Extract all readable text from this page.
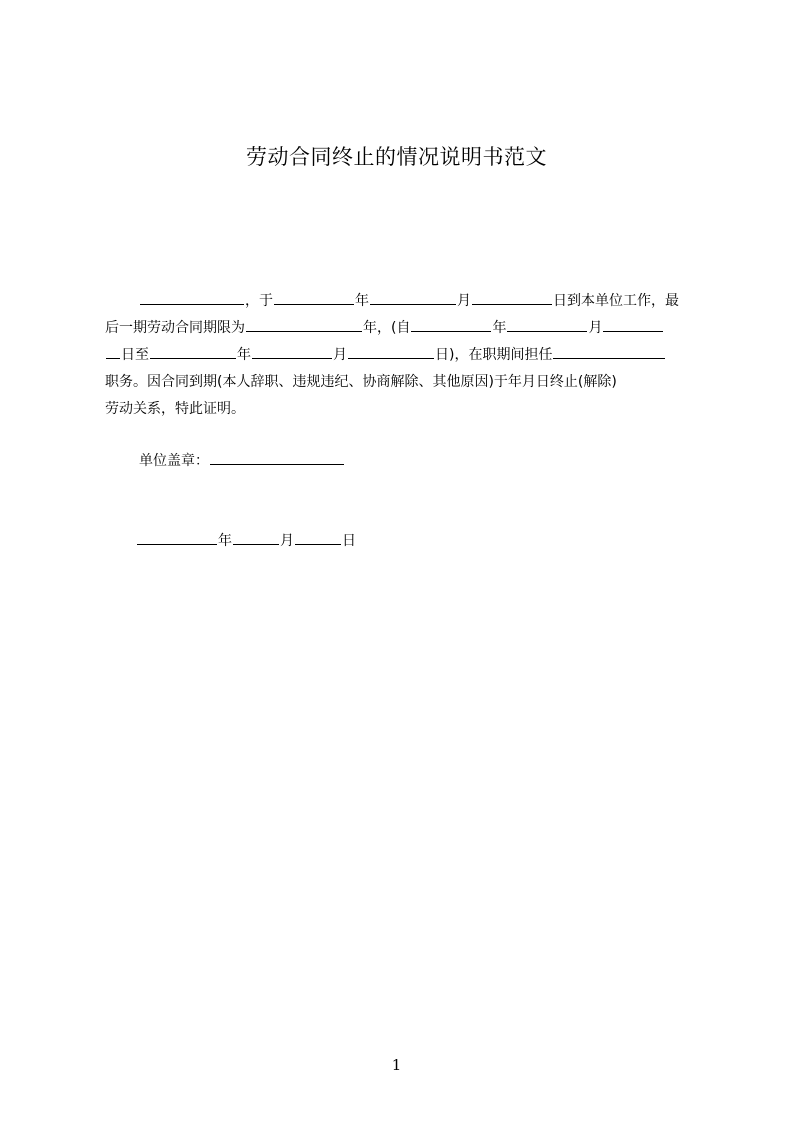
劳动合同终止的情况说明书范文
，于	年	月	日到本单位工作，最
后一期劳动合同期限为	年，(自	年	月
日至	年	月	日)，在职期间担任
职务。因合同到期(本人辞职、违规违纪、协商解除、其他原因)于年月日终止(解除)
劳动关系，特此证明。
单位盖章：
年	月	日
1
